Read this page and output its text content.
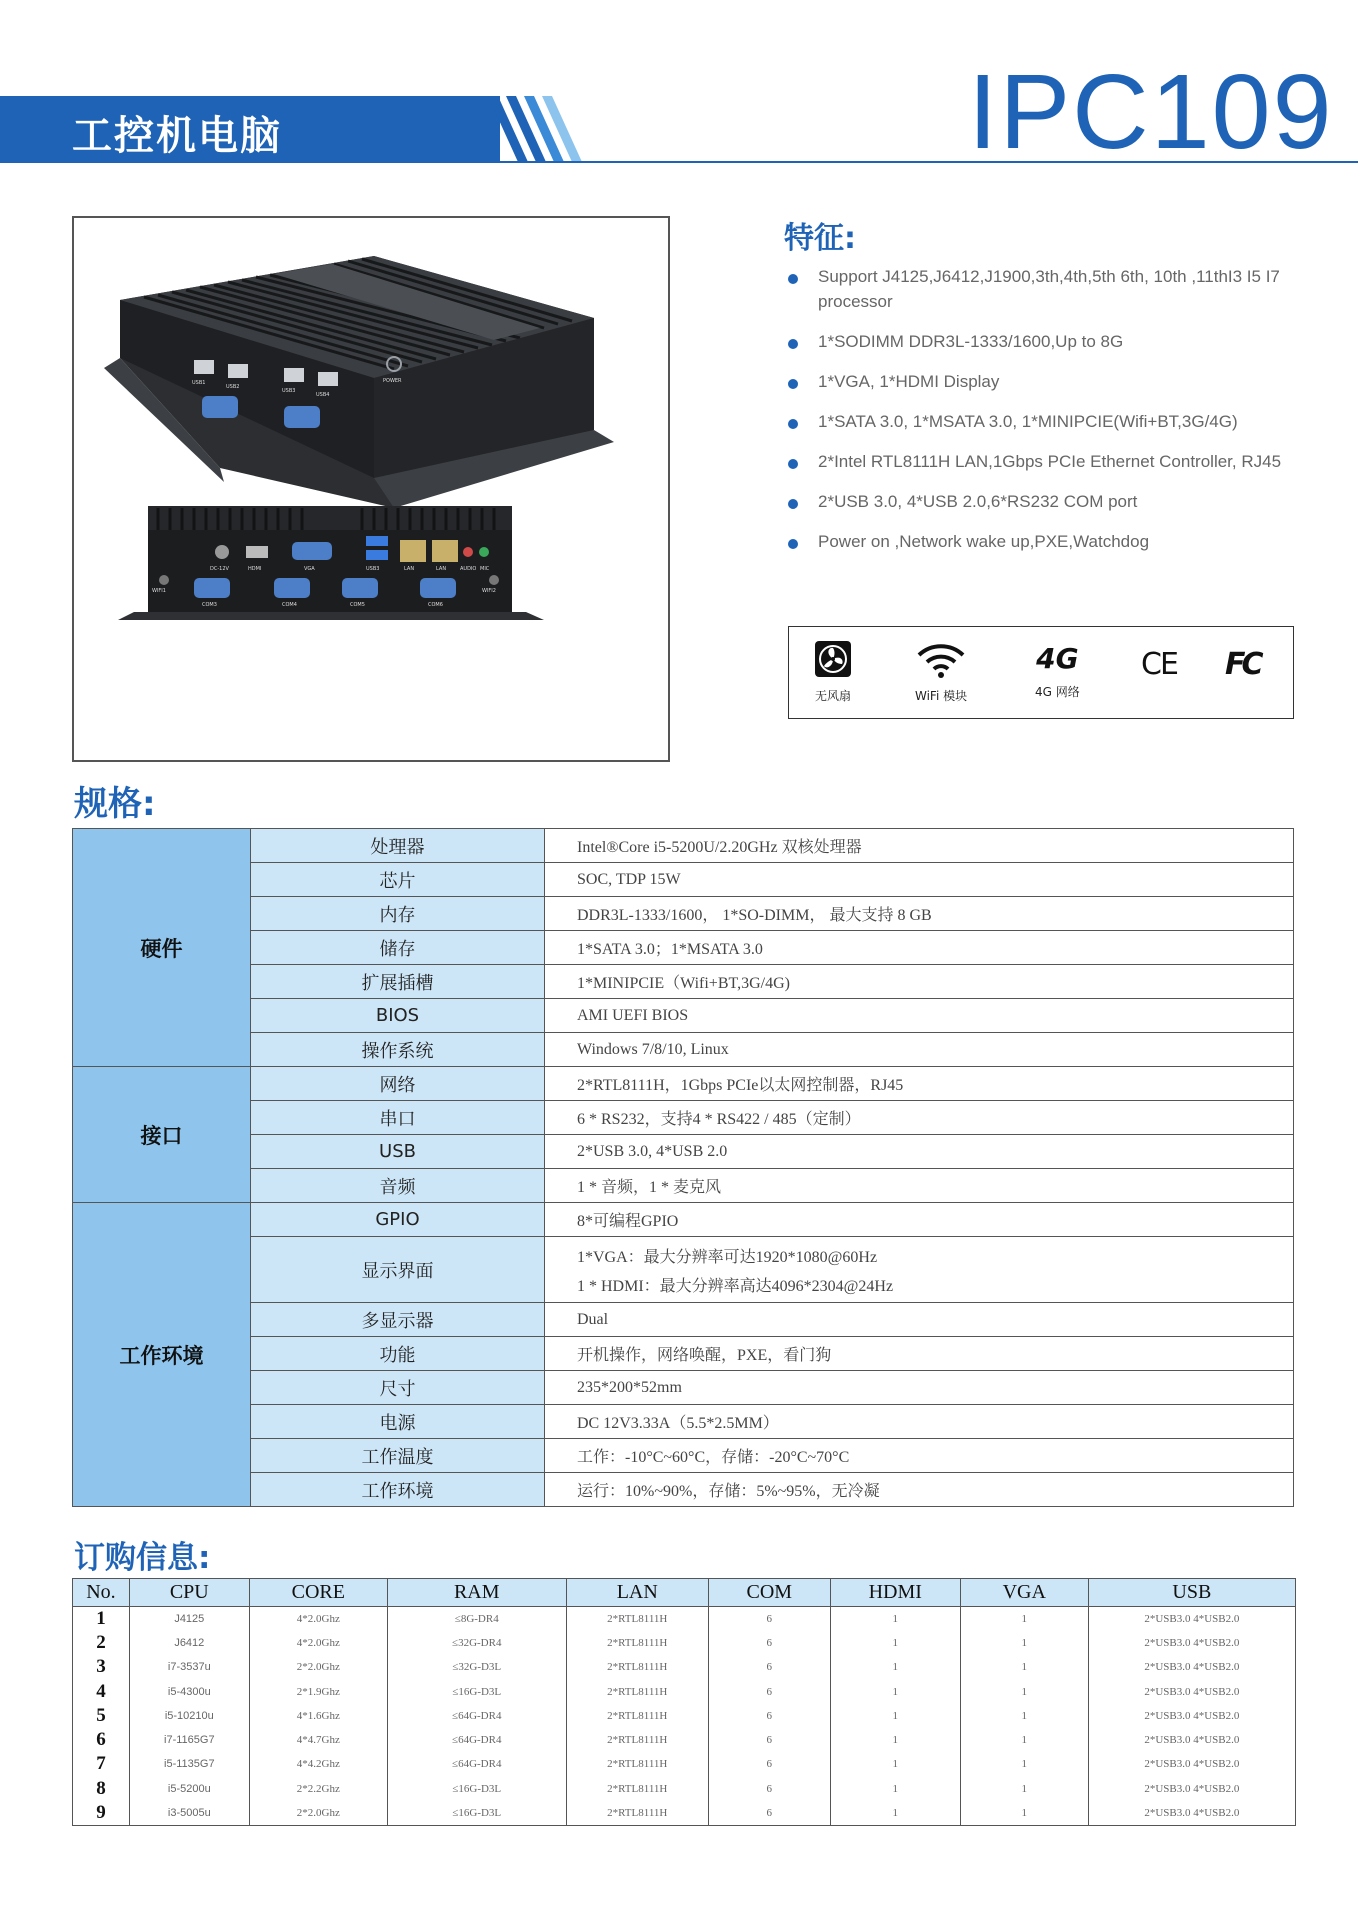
工控机电脑	IPC109
USB1
USB2
USB3
USB4
POWER
DC-12V	HDMI	VGA	USB3	LAN	LAN	AUDIO MIC
WIFI1	WIFI2
COM3	COM4	COM5	COM6
特征:
Support J4125,J6412,J1900,3th,4th,5th 6th, 10th ,11thI3 I5 I7 processor
1*SODIMM DDR3L-1333/1600,Up to 8G
1*VGA, 1*HDMI Display
1*SATA 3.0, 1*MSATA 3.0, 1*MINIPCIE(Wifi+BT,3G/4G)
2*Intel RTL8111H LAN,1Gbps PCIe Ethernet Controller, RJ45
2*USB 3.0, 4*USB 2.0,6*RS232 COM port
Power on ,Network wake up,PXE,Watchdog
无风扇	WiFi 模块
4G
4G 网络
CE FC
规格:
硬件	处理器	Intel®Core i5-5200U/2.20GHz 双核处理器
	芯片	SOC, TDP 15W
	内存	DDR3L-1333/1600， 1*SO-DIMM， 最大支持 8 GB
	储存	1*SATA 3.0；1*MSATA 3.0
	扩展插槽	1*MINIPCIE（Wifi+BT,3G/4G)
	BIOS	AMI UEFI BIOS
	操作系统	Windows 7/8/10, Linux
接口	网络	2*RTL8111H，1Gbps PCIe以太网控制器，RJ45
	串口	6 * RS232，支持4 * RS422 / 485（定制）
	USB	2*USB 3.0, 4*USB 2.0
	音频	1 * 音频，1 * 麦克风
工作环境	GPIO	8*可编程GPIO
	显示界面	1*VGA：最大分辨率可达1920*1080@60Hz
1 * HDMI：最大分辨率高达4096*2304@24Hz

	多显示器	Dual
	功能	开机操作，网络唤醒，PXE，看门狗
	尺寸	235*200*52mm
	电源	DC 12V3.33A（5.5*2.5MM）
	工作温度	工作：-10°C~60°C，存储：-20°C~70°C
	工作环境	运行：10%~90%，存储：5%~95%，无冷凝
订购信息:
No.	CPU	CORE	RAM	LAN	COM	HDMI	VGA	USB
1	J4125	4*2.0Ghz	≤8G-DR4	2*RTL8111H	6	1	1	2*USB3.0 4*USB2.0
2	J6412	4*2.0Ghz	≤32G-DR4	2*RTL8111H	6	1	1	2*USB3.0 4*USB2.0
3	i7-3537u	2*2.0Ghz	≤32G-D3L	2*RTL8111H	6	1	1	2*USB3.0 4*USB2.0
4	i5-4300u	2*1.9Ghz	≤16G-D3L	2*RTL8111H	6	1	1	2*USB3.0 4*USB2.0
5	i5-10210u	4*1.6Ghz	≤64G-DR4	2*RTL8111H	6	1	1	2*USB3.0 4*USB2.0
6	i7-1165G7	4*4.7Ghz	≤64G-DR4	2*RTL8111H	6	1	1	2*USB3.0 4*USB2.0
7	i5-1135G7	4*4.2Ghz	≤64G-DR4	2*RTL8111H	6	1	1	2*USB3.0 4*USB2.0
8	i5-5200u	2*2.2Ghz	≤16G-D3L	2*RTL8111H	6	1	1	2*USB3.0 4*USB2.0
9	i3-5005u	2*2.0Ghz	≤16G-D3L	2*RTL8111H	6	1	1	2*USB3.0 4*USB2.0
